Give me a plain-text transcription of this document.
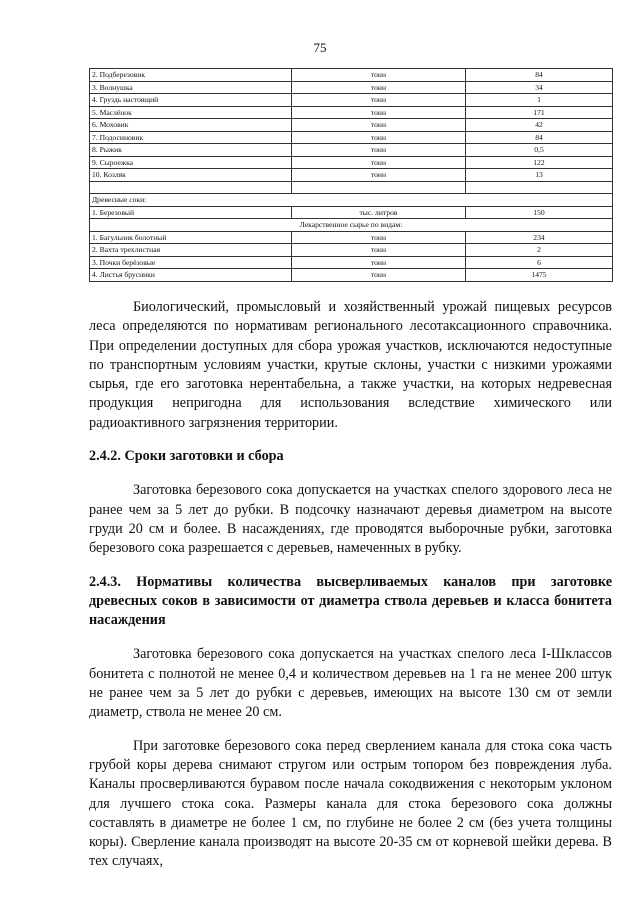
75
2. Подберезовик	тонн	84
3. Волнушка	тонн	34
4. Груздь настоящий	тонн	1
5. Маслёнок	тонн	171
6. Моховик	тонн	42
7. Подосиновик	тонн	84
8. Рыжик	тонн	0,5
9. Сыроежка	тонн	122
10. Козляк	тонн	13

Древесные соки:		
1. Березовый	тыс. литров	150
Лекарственное сырье по видам:		
1. Багульник болотный	тонн	234
2. Вахта трехлистная	тонн	2
3. Почки берёзовые	тонн	6
4. Листья брусники	тонн	1475

Биологический, промысловый и хозяйственный урожай пищевых ресурсов леса определяются по нормативам регионального лесотаксационного справочника. При определении доступных для сбора урожая участков, исключаются недоступные по транспортным условиям участки, крутые склоны, участки с низкими урожаями сырья, где его заготовка нерентабельна, а также участки, на которых недревесная продукция непригодна для использования вследствие химического или радиоактивного загрязнения территории.

2.4.2. Сроки заготовки и сбора

Заготовка березового сока допускается на участках спелого здорового леса не ранее чем за 5 лет до рубки. В подсочку назначают деревья диаметром на высоте груди 20 см и более. В насаждениях, где проводятся выборочные рубки, заготовка березового сока разрешается с деревьев, намеченных в рубку.

2.4.3. Нормативы количества высверливаемых каналов при заготовке древесных соков в зависимости от диаметра ствола деревьев и класса бонитета насаждения

Заготовка березового сока допускается на участках спелого леса I-Шклассов бонитета с полнотой не менее 0,4 и количеством деревьев на 1 га не менее 200 штук не ранее чем за 5 лет до рубки с деревьев, имеющих на высоте 130 см от земли диаметр, ствола не менее 20 см.

При заготовке березового сока перед сверлением канала для стока сока часть грубой коры дерева снимают стругом или острым топором без повреждения луба. Каналы просверливаются буравом после начала сокодвижения с некоторым уклоном для лучшего стока сока. Размеры канала для стока березового сока должны составлять в диаметре не более 1 см, по глубине не более 2 см (без учета толщины коры). Сверление канала производят на высоте 20-35 см от корневой шейки дерева. В тех случаях,
